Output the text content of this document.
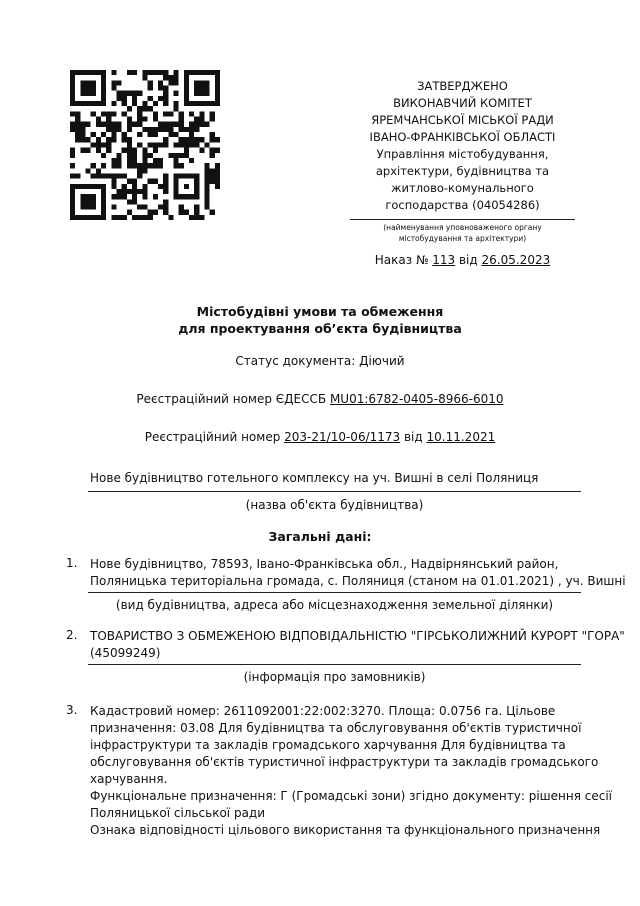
ЗАТВЕРДЖЕНО
ВИКОНАВЧИЙ КОМІТЕТ
ЯРЕМЧАНСЬКОЇ МІСЬКОЇ РАДИ
ІВАНО-ФРАНКІВСЬКОЇ ОБЛАСТІ
Управління містобудування,
архітектури, будівництва та
житлово-комунального
господарства (04054286)
(найменування уповноваженого органу
містобудування та архітектури)
Наказ № 113 від 26.05.2023
Містобудівні умови та обмеження
для проектування об’єкта будівництва
Статус документа: Діючий
Реєстраційний номер ЄДЕССБ MU01:6782-0405-8966-6010
Реєстраційний номер 203-21/10-06/1173 від 10.11.2021
Нове будівництво готельного комплексу на уч. Вишні в селі Поляниця
(назва об'єкта будівництва)
Загальні дані:
1. Нове будівництво, 78593, Івано-Франківська обл., Надвірнянський район,
Поляницька територіальна громада, с. Поляниця (станом на 01.01.2021) , уч. Вишні
(вид будівництва, адреса або місцезнаходження земельної ділянки)
2. ТОВАРИСТВО З ОБМЕЖЕНОЮ ВІДПОВІДАЛЬНІСТЮ "ГІРСЬКОЛИЖНИЙ КУРОРТ "ГОРА"
(45099249)
(інформація про замовників)
3. Кадастровий номер: 2611092001:22:002:3270. Площа: 0.0756 га. Цільове
призначення: 03.08 Для будівництва та обслуговування об'єктів туристичної
інфраструктури та закладів громадського харчування Для будівництва та
обслуговування об'єктів туристичної інфраструктури та закладів громадського
харчування.
Функціональне призначення: Г (Громадські зони) згідно документу: рішення сесії
Поляницької сільської ради
Ознака відповідності цільового використання та функціонального призначення
